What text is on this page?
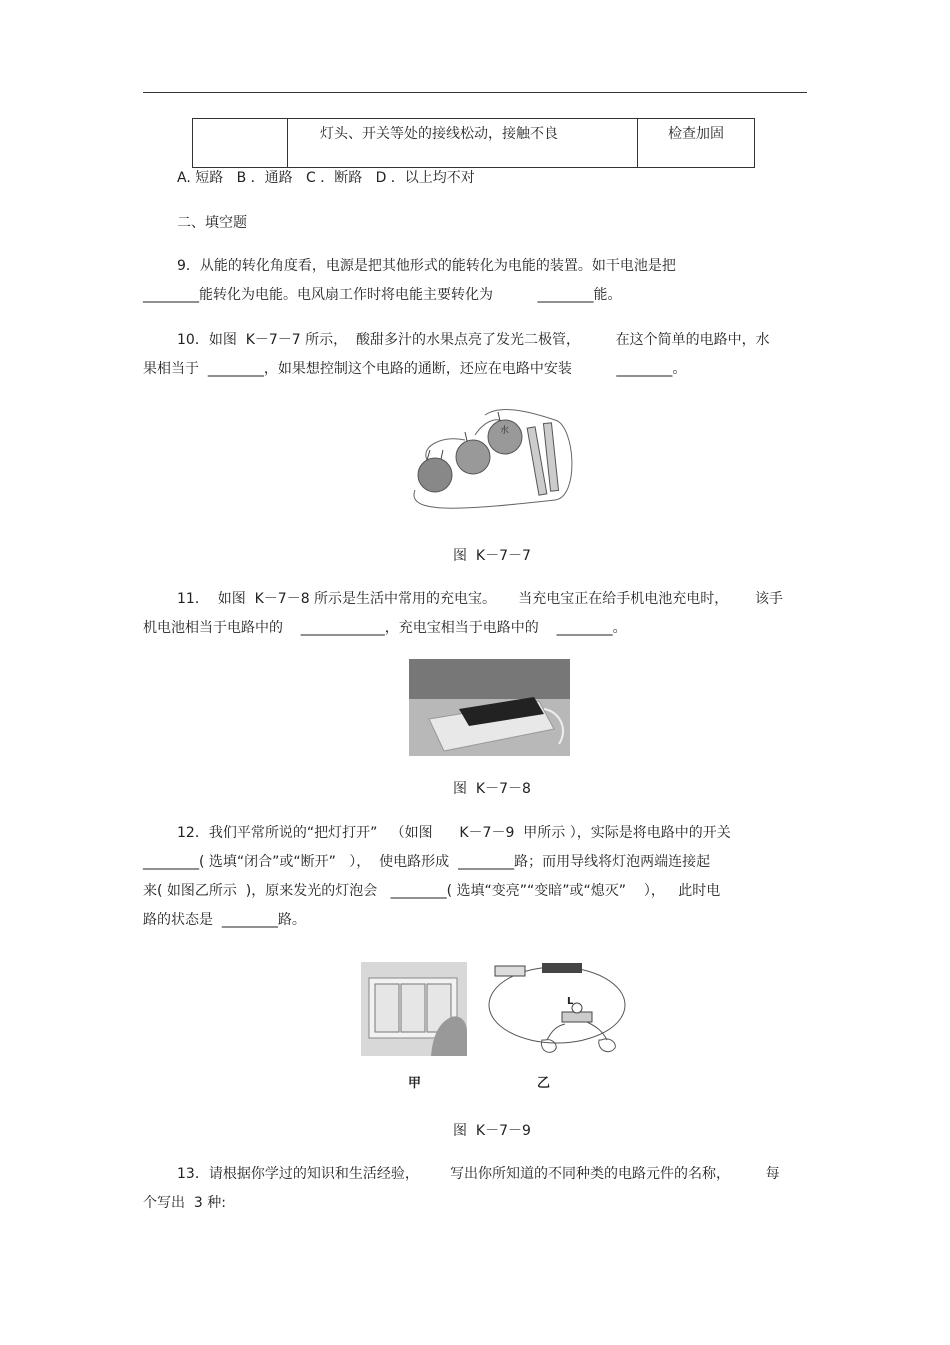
	灯头、开关等处的接线松动，接触不良	检查加固
A. 短路   B ．通路   C ．断路   D ．以上均不对
二、填空题
9．从能的转化角度看，电源是把其他形式的能转化为电能的装置。如干电池是把
________能转化为电能。电风扇工作时将电能主要转化为          ________能。
10．如图  K－7－7 所示，  酸甜多汁的水果点亮了发光二极管，        在这个简单的电路中，水
果相当于  ________，如果想控制这个电路的通断，还应在电路中安装          ________。
水
图  K－7－7
11．  如图  K－7－8 所示是生活中常用的充电宝。     当充电宝正在给手机电池充电时，      该手
机电池相当于电路中的    ____________，充电宝相当于电路中的    ________。
图  K－7－8
12．我们平常所说的“把灯打开”   （如图      K－7－9  甲所示 ），实际是将电路中的开关
________( 选填“闭合”或“断开”   ），  使电路形成  ________路；而用导线将灯泡两端连接起
来( 如图乙所示  )，原来发光的灯泡会   ________( 选填“变亮”“变暗”或“熄灭”    ），   此时电
路的状态是  ________路。
L
甲	乙
图  K－7－9
13．请根据你学过的知识和生活经验，       写出你所知道的不同种类的电路元件的名称，        每
个写出  3 种:
